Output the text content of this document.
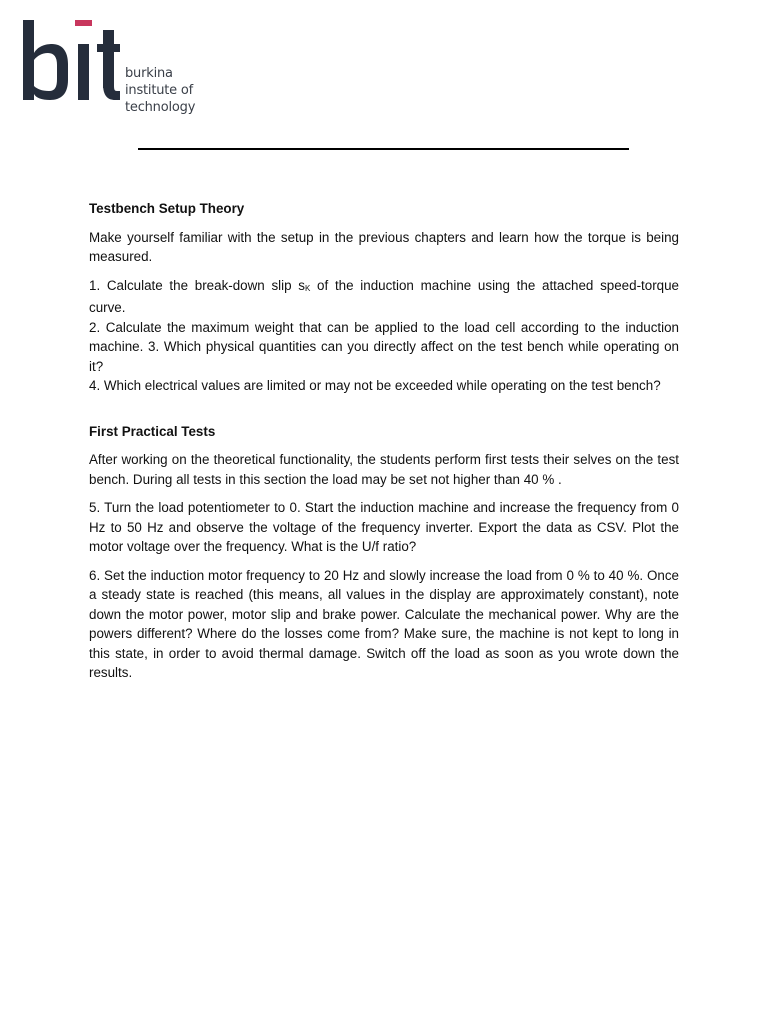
burkina
institute of technology
Testbench Setup Theory

Make yourself familiar with the setup in the previous chapters and learn how the torque is being measured.

1. Calculate the break-down slip $s_K$ of the induction machine using the attached speed-torque curve.

2. Calculate the maximum weight that can be applied to the load cell according to the induction machine. 3. Which physical quantities can you directly affect on the test bench while operating on it?

4. Which electrical values are limited or may not be exceeded while operating on the test bench?

First Practical Tests

After working on the theoretical functionality, the students perform first tests their selves on the test bench. During all tests in this section the load may be set not higher than 40 % .

5. Turn the load potentiometer to 0. Start the induction machine and increase the frequency from 0 Hz to 50 Hz and observe the voltage of the frequency inverter. Export the data as CSV. Plot the motor voltage over the frequency. What is the U/f ratio?

6. Set the induction motor frequency to 20 Hz and slowly increase the load from 0 % to 40 %. Once a steady state is reached (this means, all values in the display are approximately constant), note down the motor power, motor slip and brake power. Calculate the mechanical power. Why are the powers different? Where do the losses come from? Make sure, the machine is not kept to long in this state, in order to avoid thermal damage. Switch off the load as soon as you wrote down the results.
